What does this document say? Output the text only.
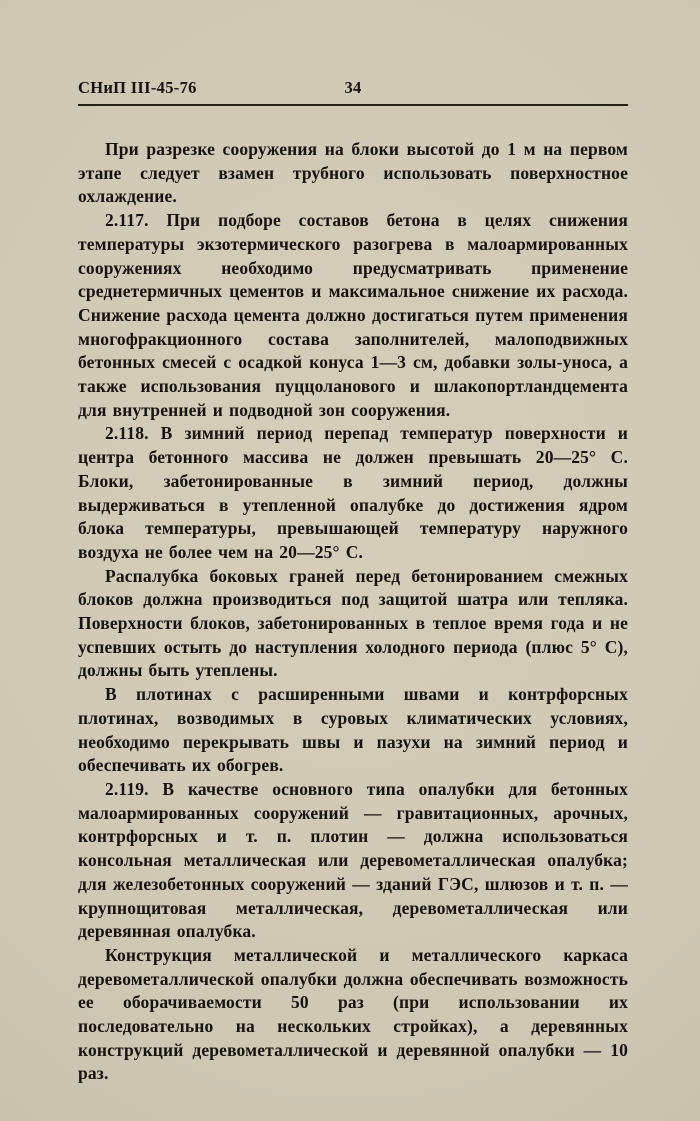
СНиП III-45-76	34

При разрезке сооружения на блоки высотой до 1 м на первом этапе следует взамен трубного использовать поверхностное охлаждение.

2.117. При подборе составов бетона в целях снижения температуры экзотермического разогрева в малоармированных сооружениях необходимо предусматривать применение среднетермичных цементов и максимальное снижение их расхода. Снижение расхода цемента должно достигаться путем применения многофракционного состава заполнителей, малоподвижных бетонных смесей с осадкой конуса 1—3 см, добавки золы-уноса, а также использования пуццоланового и шлакопортландцемента для внутренней и подводной зон сооружения.

2.118. В зимний период перепад температур поверхности и центра бетонного массива не должен превышать 20—25° С. Блоки, забетонированные в зимний период, должны выдерживаться в утепленной опалубке до достижения ядром блока температуры, превышающей температуру наружного воздуха не более чем на 20—25° С.

Распалубка боковых граней перед бетонированием смежных блоков должна производиться под защитой шатра или тепляка. Поверхности блоков, забетонированных в теплое время года и не успевших остыть до наступления холодного периода (плюс 5° С), должны быть утеплены.

В плотинах с расширенными швами и контрфорсных плотинах, возводимых в суровых климатических условиях, необходимо перекрывать швы и пазухи на зимний период и обеспечивать их обогрев.

2.119. В качестве основного типа опалубки для бетонных малоармированных сооружений — гравитационных, арочных, контрфорсных и т. п. плотин — должна использоваться консольная металлическая или деревометаллическая опалубка; для железобетонных сооружений — зданий ГЭС, шлюзов и т. п. — крупнощитовая металлическая, деревометаллическая или деревянная опалубка.

Конструкция металлической и металлического каркаса деревометаллической опалубки должна обеспечивать возможность ее оборачиваемости 50 раз (при использовании их последовательно на нескольких стройках), а деревянных конструкций деревометаллической и деревянной опалубки — 10 раз.
